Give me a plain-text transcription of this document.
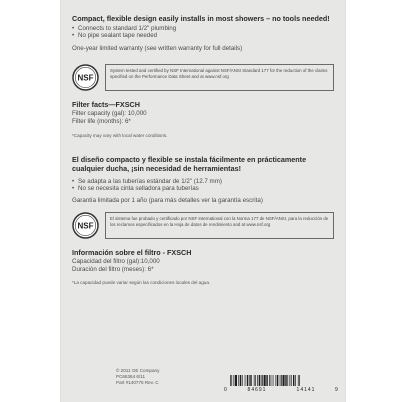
Compact, flexible design easily installs in most showers – no tools needed!
• Connects to standard 1/2" plumbing
• No pipe sealant tape needed
One-year limited warranty (see written warranty for full details)
NSF
System tested and certified by NSF International against NSF/ANSI Standard 177 for the reduction of the claims specified on the Performance Data Sheet and at www.nsf.org
Filter facts—FXSCH
Filter capacity (gal): 10,000
Filter life (months): 6*
*Capacity may vary with local water conditions.
El diseño compacto y flexible se instala fácilmente en prácticamente cualquier ducha, ¡sin necesidad de herramientas!
• Se adapta a las tuberías estándar de 1/2" (12.7 mm)
• No se necesita cinta selladora para tuberías
Garantía limitada por 1 año (para más detalles ver la garantía escrita)
NSF
El sistema fue probado y certificado por NSF International con la Norma 177 de NSF/ANSI, para la reducción de los reclamos especificados en la Hoja de datos de rendimiento and at www.nsf.org
Información sobre el filtro - FXSCH
Capacidad del filtro (gal):10,000
Duración del filtro (meses): 6*
*La capacidad puede variar según las condiciones locales del agua.
© 2011 GE Company
PC66364 6/11
Part #140776 Rev. C
0	84691	14141	9
